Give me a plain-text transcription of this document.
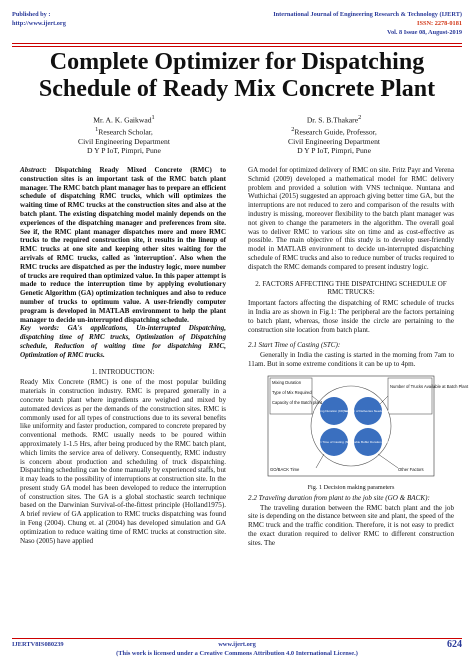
Published by :
http://www.ijert.org
International Journal of Engineering Research & Technology (IJERT)
ISSN: 2278-0181
Vol. 8 Issue 08, August-2019
Complete Optimizer for Dispatching Schedule of Ready Mix Concrete Plant
Mr. A. K. Gaikwad$^1$
$^1$Research Scholar,
Civil Engineering Department
D Y P IoT, Pimpri, Pune
Dr. S. B.Thakare$^2$
$^2$Research Guide, Professor,
Civil Engineering Department
D Y P IoT, Pimpri, Pune

Abstract: Dispatching Ready Mixed Concrete (RMC) to construction sites is an important task of the RMC batch plant manager. The RMC batch plant manager has to prepare an efficient schedule of dispatching RMC trucks, which will optimizes the waiting time of RMC trucks at the construction sites and also at the batch plant. The existing dispatching model mainly depends on the experiences of the dispatching manager and preferences from site. See if, the RMC plant manager dispatches more and more RMC trucks to the required construction site, it results in the lineup of RMC trucks at one site and keeping other sites waiting for the arrivals of RMC trucks, called as 'interruption'. Also when the RMC trucks are dispatched as per the industry logic, more number of trucks are required than optimized value. In this paper attempt is made to reduce the interruption time by applying evolutionary Genetic Algorithm (GA) optimization techniques and also to reduce number of trucks to optimum value. A user-friendly computer program is developed in MATLAB environment to help the plant manager to decide un-interrupted dispatching schedule.

Key words: GA's applications, Un-interrupted Dispatching, dispatching time of RMC trucks, Optimization of Dispatching schedule, Reduction of waiting time for dispatching RMC, Optimization of RMC trucks.

1. INTRODUCTION:

Ready Mix Concrete (RMC) is one of the most popular building materials in construction industry. RMC is prepared generally in a concrete batch plant where ingredients are weighed and mixed by automated devices as per the demands of the construction sites. RMC is commonly used for all types of constructions due to its several benefits like uniformity and faster production, compared to concrete prepared by conventional methods. RMC usually needs to be poured within approximately 1-1.5 Hrs, after being produced by the RMC batch plant, which limits the service area of delivery. Consequently, RMC industry is concern about production and scheduling of truck dispatching. Dispatching scheduling can be done manually by experienced staffs, but it may leads to the possibility of interruptions at construction site. In the present study GA model has been developed to reduce the interruption of construction sites. The GA is a global stochastic search technique based on the Darwinian Survival-of-the-fittest principle (Holland1975). A brief review of GA application to RMC trucks dispatching was found in Feng (2004). Chung et. al (2004) has developed simulation and GA optimization to reduce waiting time of RMC trucks at construction site. Naso (2005) have applied

GA model for optimized delivery of RMC on site. Fritz Payr and Verena Schmid (2009) developed a mathematical model for RMC delivery problem and provided a solution with VNS technique. Nuntana and Wuthichai (2015) suggested an approach giving better time GA, but the interruptions are not reduced to zero and comparison of the results with industry is missing, moreover flexibility to the batch plant manager was not given to change the parameters in the algorithm. The overall goal was to deliver RMC to various site on time and as cost-effective as possible. The main objective of this study is to develop user-friendly model in MATLAB environment to decide un-interrupted dispatching schedule of RMC trucks and also to reduce number of trucks required to dispatch the RMC demands compared to present industry logic.

2. FACTORS AFFECTING THE DISPATCHING SCHEDULE OF RMC TRUCKS:

Important factors affecting the dispatching of RMC schedule of trucks in India are as shown in Fig.1: The peripheral are the factors pertaining to batch plant, whereas, those inside the circle are pertaining to the construction site location from batch plant.

2.1 Start Time of Casting (STC):

Generally in India the casting is started in the morning from 7am to 11am. But in some extreme conditions it can be up to 4pm.

Mixing Duration
Type of Mix Required
Capacity of the Batch plant
Number of Trucks Available at Batch Plant
GO/BACK Time	Other Factors
Casting Duration (CD) at Site
Number of Deliveries Needed (ND)
Start Time of Casting (STC)
Allowable Buffer Duration (CD)
Fig. 1 Decision making parameters
2.2 Traveling duration from plant to the job site (GO & BACK):

The traveling duration between the RMC batch plant and the job site is depending on the distance between site and plant, the speed of the RMC truck and the traffic condition. Therefore, it is not easy to predict the exact duration required to deliver RMC to different construction sites. The

IJERTV8IS080239	www.ijert.org	624
(This work is licensed under a Creative Commons Attribution 4.0 International License.)
